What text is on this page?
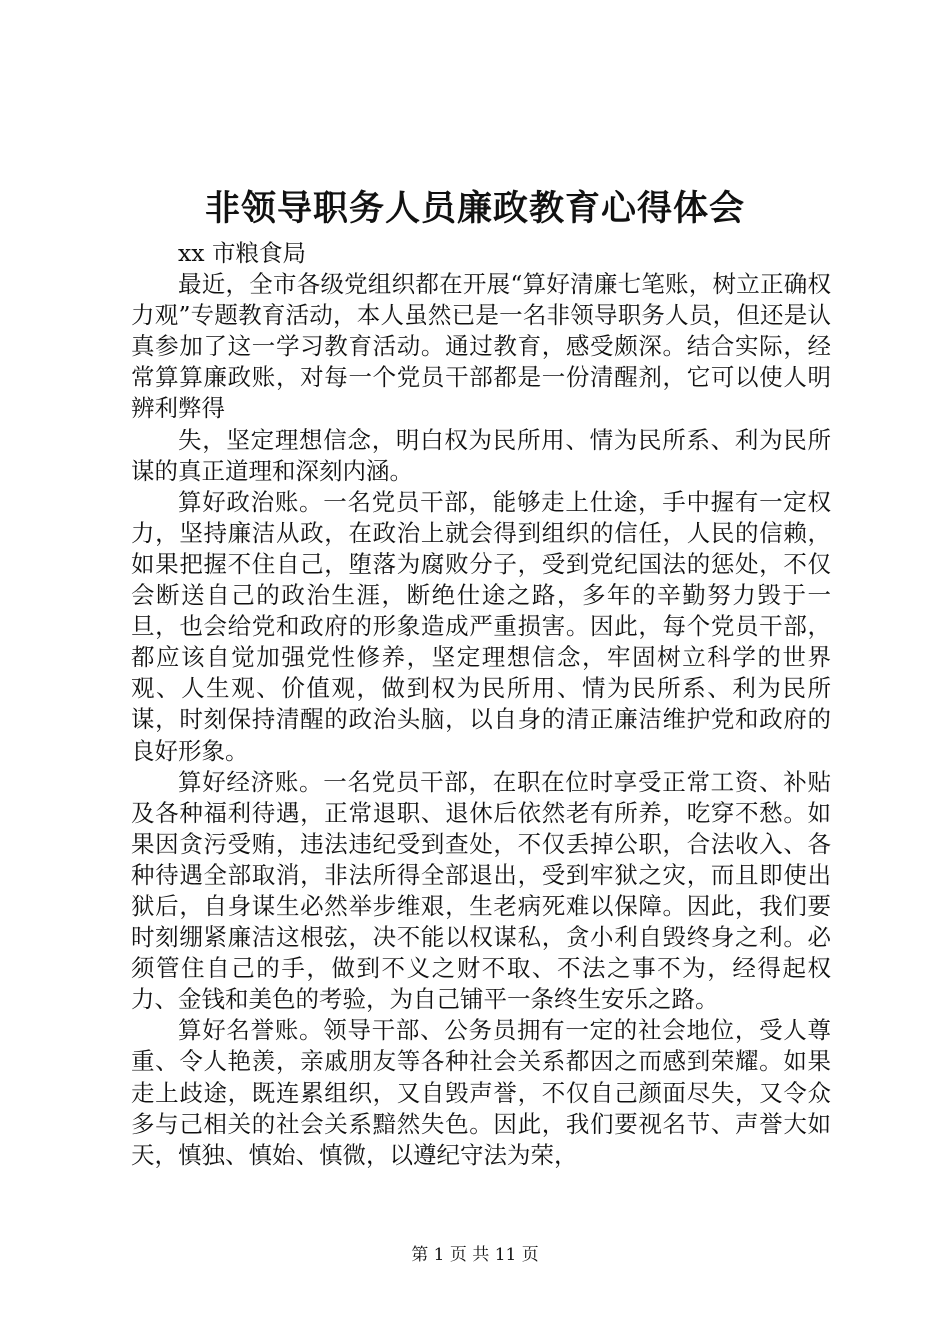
非领导职务人员廉政教育心得体会

xx 市粮食局

最近，全市各级党组织都在开展“算好清廉七笔账，树立正确权力观”专题教育活动，本人虽然已是一名非领导职务人员，但还是认真参加了这一学习教育活动。通过教育，感受颇深。结合实际，经常算算廉政账，对每一个党员干部都是一份清醒剂，它可以使人明辨利弊得

失，坚定理想信念，明白权为民所用、情为民所系、利为民所谋的真正道理和深刻内涵。

算好政治账。一名党员干部，能够走上仕途，手中握有一定权力，坚持廉洁从政，在政治上就会得到组织的信任，人民的信赖，如果把握不住自己，堕落为腐败分子，受到党纪国法的惩处，不仅会断送自己的政治生涯，断绝仕途之路，多年的辛勤努力毁于一旦，也会给党和政府的形象造成严重损害。因此，每个党员干部，都应该自觉加强党性修养，坚定理想信念，牢固树立科学的世界观、人生观、价值观，做到权为民所用、情为民所系、利为民所谋，时刻保持清醒的政治头脑，以自身的清正廉洁维护党和政府的良好形象。

算好经济账。一名党员干部，在职在位时享受正常工资、补贴及各种福利待遇，正常退职、退休后依然老有所养，吃穿不愁。如果因贪污受贿，违法违纪受到查处，不仅丢掉公职，合法收入、各种待遇全部取消，非法所得全部退出，受到牢狱之灾，而且即使出狱后，自身谋生必然举步维艰，生老病死难以保障。因此，我们要时刻绷紧廉洁这根弦，决不能以权谋私，贪小利自毁终身之利。必须管住自己的手，做到不义之财不取、不法之事不为，经得起权力、金钱和美色的考验，为自己铺平一条终生安乐之路。

算好名誉账。领导干部、公务员拥有一定的社会地位，受人尊重、令人艳羡，亲戚朋友等各种社会关系都因之而感到荣耀。如果走上歧途，既连累组织，又自毁声誉，不仅自己颜面尽失，又令众多与己相关的社会关系黯然失色。因此，我们要视名节、声誉大如天，慎独、慎始、慎微，以遵纪守法为荣，

第 1 页 共 11 页
